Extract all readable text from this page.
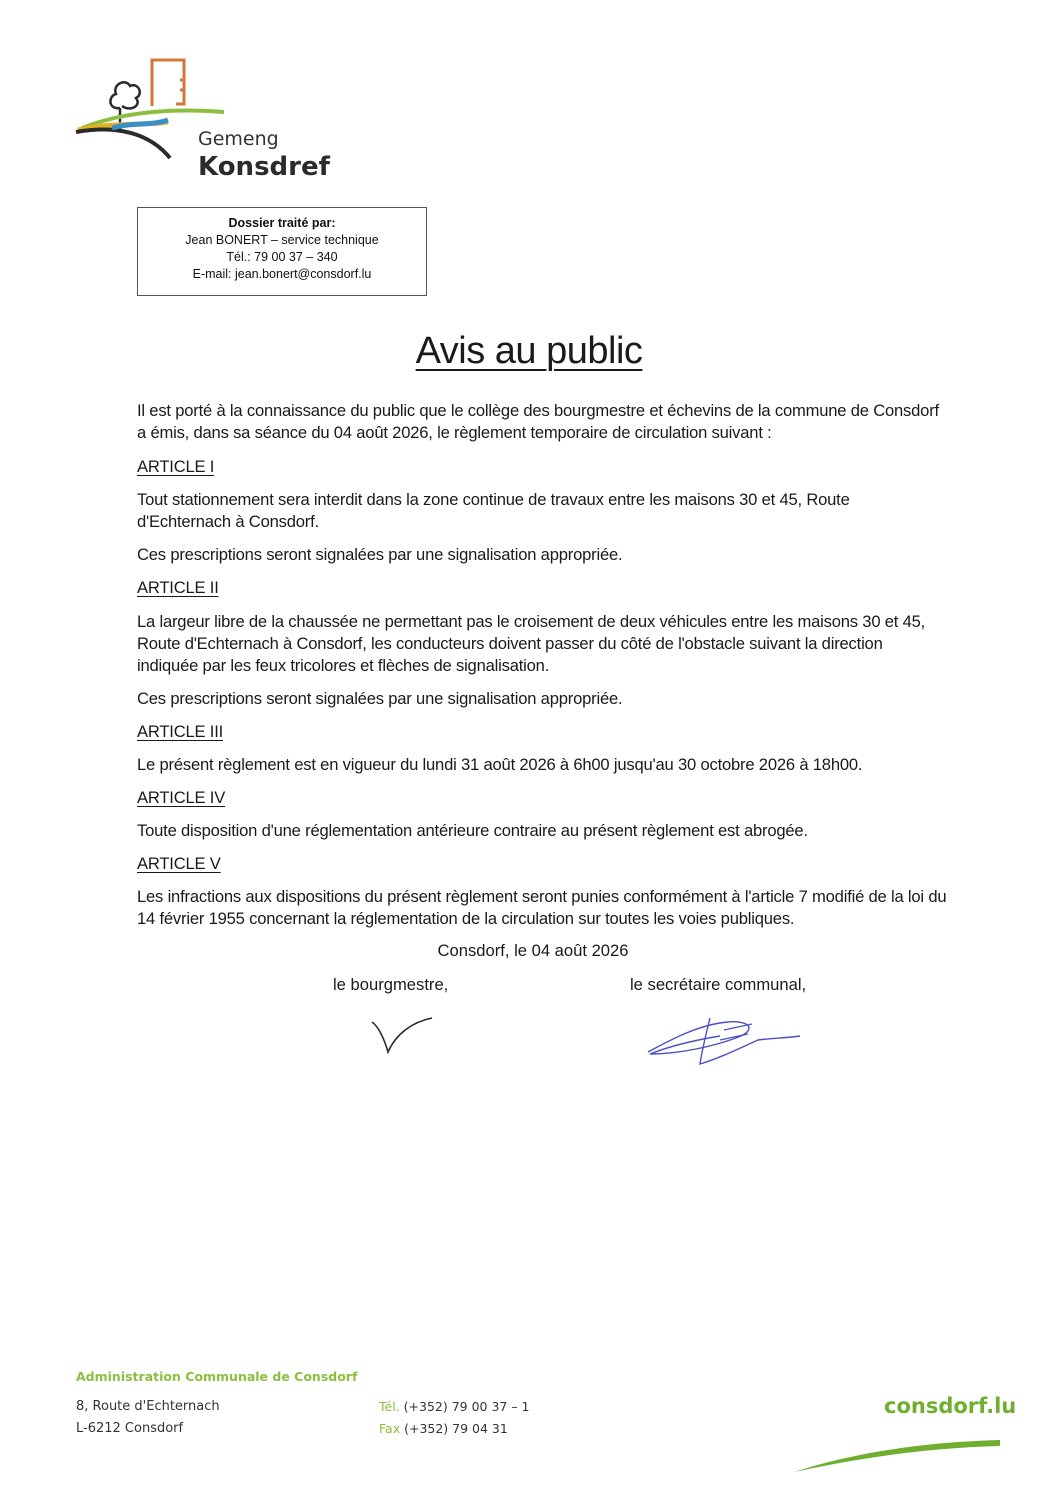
Gemeng
Konsdref
Dossier traité par:
Jean BONERT – service technique
Tél.: 79 00 37 – 340
E-mail: jean.bonert@consdorf.lu
Avis au public
Il est porté à la connaissance du public que le collège des bourgmestre et échevins de la commune de Consdorf a émis, dans sa séance du 04 août 2026, le règlement temporaire de circulation suivant :
ARTICLE I
Tout stationnement sera interdit dans la zone continue de travaux entre les maisons 30 et 45, Route d'Echternach à Consdorf.
Ces prescriptions seront signalées par une signalisation appropriée.
ARTICLE II
La largeur libre de la chaussée ne permettant pas le croisement de deux véhicules entre les maisons 30 et 45, Route d'Echternach à Consdorf, les conducteurs doivent passer du côté de l'obstacle suivant la direction indiquée par les feux tricolores et flèches de signalisation.
Ces prescriptions seront signalées par une signalisation appropriée.
ARTICLE III
Le présent règlement est en vigueur du lundi 31 août 2026 à 6h00 jusqu'au 30 octobre 2026 à 18h00.
ARTICLE IV
Toute disposition d'une réglementation antérieure contraire au présent règlement est abrogée.
ARTICLE V
Les infractions aux dispositions du présent règlement seront punies conformément à l'article 7 modifié de la loi du 14 février 1955 concernant la réglementation de la circulation sur toutes les voies publiques.
Consdorf, le 04 août 2026
le bourgmestre,	le secrétaire communal,
Administration Communale de Consdorf
8, Route d'Echternach
L-6212 Consdorf
Tél. (+352) 79 00 37 – 1
Fax (+352) 79 04 31
consdorf.lu
